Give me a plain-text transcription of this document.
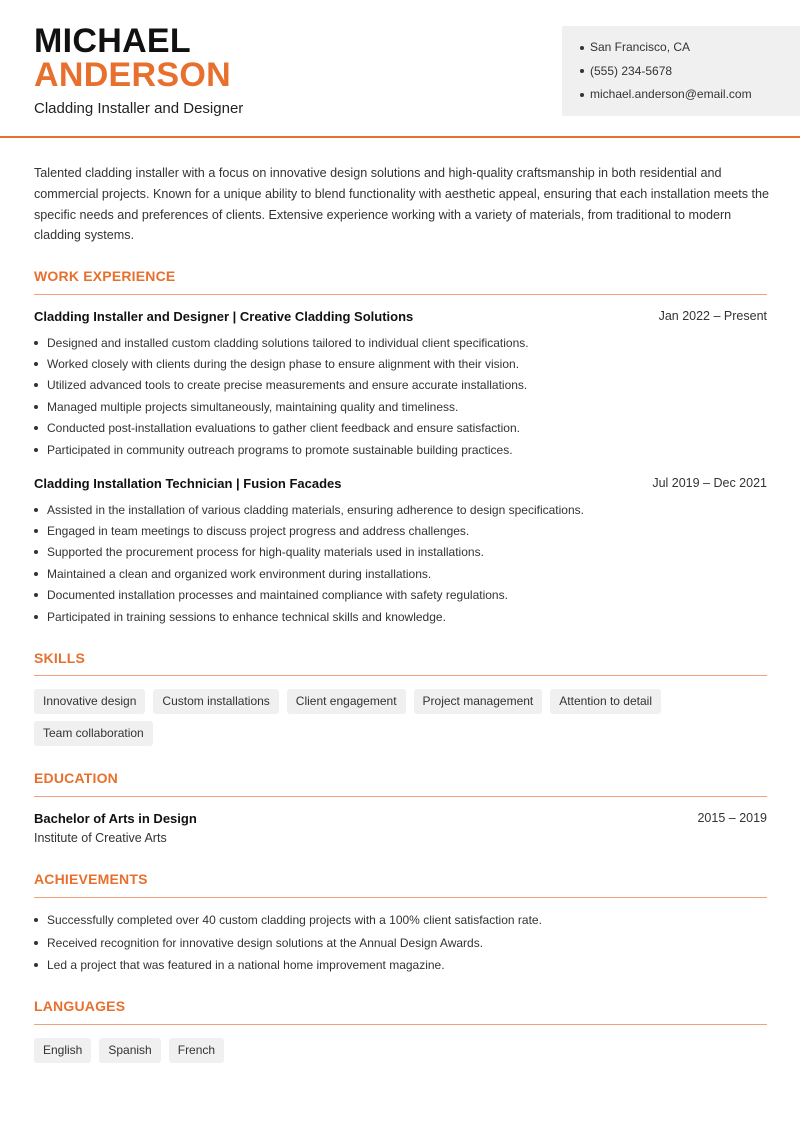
MICHAEL
ANDERSON
Cladding Installer and Designer
San Francisco, CA
(555) 234-5678
michael.anderson@email.com

Talented cladding installer with a focus on innovative design solutions and high-quality craftsmanship in both residential and commercial projects. Known for a unique ability to blend functionality with aesthetic appeal, ensuring that each installation meets the specific needs and preferences of clients. Extensive experience working with a variety of materials, from traditional to modern cladding systems.

WORK EXPERIENCE
Cladding Installer and Designer | Creative Cladding Solutions	Jan 2022 – Present
Designed and installed custom cladding solutions tailored to individual client specifications.
Worked closely with clients during the design phase to ensure alignment with their vision.
Utilized advanced tools to create precise measurements and ensure accurate installations.
Managed multiple projects simultaneously, maintaining quality and timeliness.
Conducted post-installation evaluations to gather client feedback and ensure satisfaction.
Participated in community outreach programs to promote sustainable building practices.
Cladding Installation Technician | Fusion Facades	Jul 2019 – Dec 2021
Assisted in the installation of various cladding materials, ensuring adherence to design specifications.
Engaged in team meetings to discuss project progress and address challenges.
Supported the procurement process for high-quality materials used in installations.
Maintained a clean and organized work environment during installations.
Documented installation processes and maintained compliance with safety regulations.
Participated in training sessions to enhance technical skills and knowledge.
SKILLS
Innovative design	Custom installations	Client engagement	Project management	Attention to detail
Team collaboration
EDUCATION
Bachelor of Arts in Design	2015 – 2019
Institute of Creative Arts
ACHIEVEMENTS
Successfully completed over 40 custom cladding projects with a 100% client satisfaction rate.
Received recognition for innovative design solutions at the Annual Design Awards.
Led a project that was featured in a national home improvement magazine.
LANGUAGES
English	Spanish	French
